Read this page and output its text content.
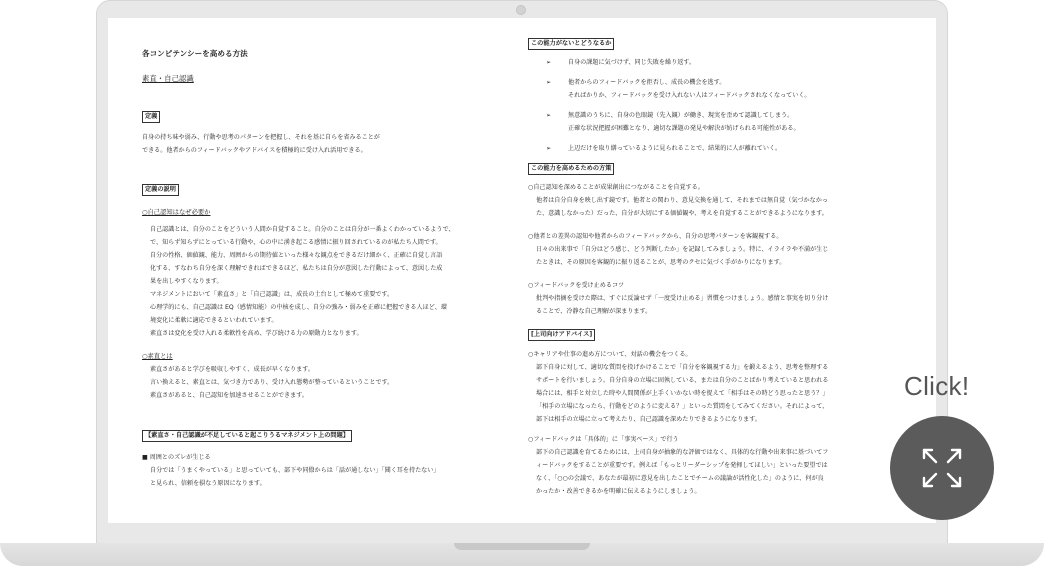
各コンピテンシーを高める方法
素直・自己認識
定義
自身の持ち味や弱み、行動や思考のパターンを把握し、それを基に自らを省みることが
できる。他者からのフィードバックやアドバイスを積極的に受け入れ活用できる。
定義の説明
○自己認知はなぜ必要か
自己認識とは、自分のことをどういう人間か自覚すること。自分のことは自分が一番よくわかっているようで、
で、知らず知らずにとっている行動や、心の中に湧き起こる感情に振り回されているのが私たち人間です。
自分の性格、価値観、能力、周囲からの期待値といった様々な観点をできるだけ細かく、正確に自覚し言語
化する、すなわち自分を深く理解できればできるほど、私たちは自分が意図した行動によって、意図した成
果を出しやすくなります。
マネジメントにおいて「素直さ」と「自己認識」は、成長の土台として極めて重要です。
心理学的にも、自己認識は EQ（感情知能）の中核を成し、自分の強み・弱みを正確に把握できる人ほど、環
境変化に柔軟に適応できるといわれています。
素直さは変化を受け入れる柔軟性を高め、学び続ける力の原動力となります。
○素直とは
素直さがあると学びを吸収しやすく、成長が早くなります。
言い換えると、素直とは、気づき力であり、受け入れ態勢が整っているということです。
素直さがあると、自己認知を加速させることができます。
【素直さ・自己認識が不足していると起こりうるマネジメント上の問題】
■ 周囲とのズレが生じる
自分では「うまくやっている」と思っていても、部下や同僚からは「話が通しない」「聞く耳を持たない」
と見られ、信頼を損なう原因になります。
この能力がないとどうなるか
➢	自身の課題に気づけず、同じ失敗を繰り返す。
➢	他者からのフィードバックを拒否し、成長の機会を逃す。
そればかりか、フィードバックを受け入れない人はフィードバックされなくなっていく。
➢	無意識のうちに、自身の色眼鏡（先入観）が働き、現実を歪めて認識してしまう。
正確な状況把握が困難となり、適切な課題の発見や解決が妨げられる可能性がある。
➢	上辺だけを取り繕っているように見られることで、結果的に人が離れていく。
この能力を高めるための方策
○自己認知を深めることが成果創出につながることを自覚する。
他者は自分自身を映し出す鏡です。他者との関わり、意見交換を通して、それまでは無自覚（気づかなかっ
た、意識しなかった）だった、自分が大切にする価値観や、考えを自覚することができるようになります。
○他者との差異の認知や他者からのフィードバックから、自分の思考パターンを客観視する。
日々の出来事で「自分はどう感じ、どう判断したか」を記録してみましょう。特に、イライラや不満が生じ
たときは、その原因を客観的に振り返ることが、思考のクセに気づく手がかりになります。
○フィードバックを受け止めるコツ
批判や指摘を受けた際は、すぐに反論せず「一度受け止める」習慣をつけましょう。感情と事実を切り分け
ることで、冷静な自己理解が深まります。
[上司向けアドバイス]
○キャリアや仕事の進め方について、対話の機会をつくる。
部下自身に対して、適切な質問を投げかけることで「自分を客観視する力」を鍛えるよう、思考を整理する
サポートを行いましょう。自分自身の立場に固執している、または自分のことばかり考えていると思われる
場合には、相手と対立した時や人間関係が上手くいかない時を捉えて「相手はその時どう思ったと思う？」
「相手の立場になったら、行動をどのように変える？」といった質問をしてみてください。それによって、
部下は相手の立場に立って考えたり、自己認識を深めたりできるようになります。
○フィードバックは「具体的」に「事実ベース」で行う
部下の自己認識を育てるためには、上司自身が抽象的な評価ではなく、具体的な行動や出来事に基づいてフ
ィードバックをすることが重要です。例えば「もっとリーダーシップを発揮してほしい」といった要望では
なく、「○○の会議で、あなたが最初に意見を出したことでチームの議論が活性化した」のように、何が良
かったか・改善できるかを明確に伝えるようにしましょう。
Click!
